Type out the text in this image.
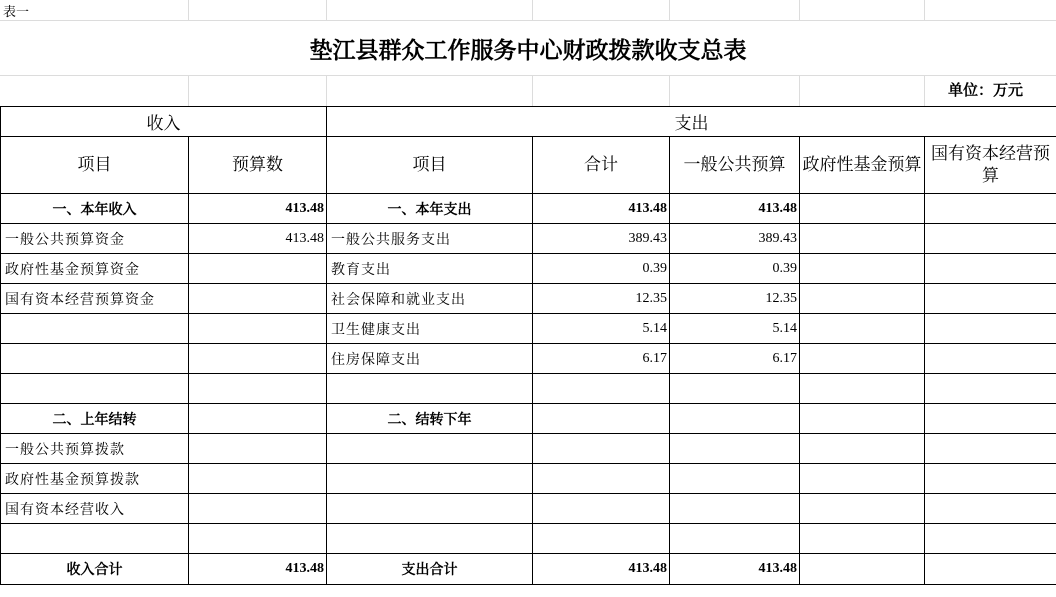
表一
垫江县群众工作服务中心财政拨款收支总表
单位：万元
收入		支出				
项目	预算数	项目	合计	一般公共预算	政府性基金预算	国有资本经营预算
一、本年收入	413.48	一、本年支出	413.48	413.48		
一般公共预算资金	413.48	一般公共服务支出	389.43	389.43		
政府性基金预算资金		教育支出	0.39	0.39		
国有资本经营预算资金		社会保障和就业支出	12.35	12.35		
		卫生健康支出	5.14	5.14		
		住房保障支出	6.17	6.17		

二、上年结转		二、结转下年				
一般公共预算拨款						
政府性基金预算拨款						
国有资本经营收入						

收入合计	413.48	支出合计	413.48	413.48		
